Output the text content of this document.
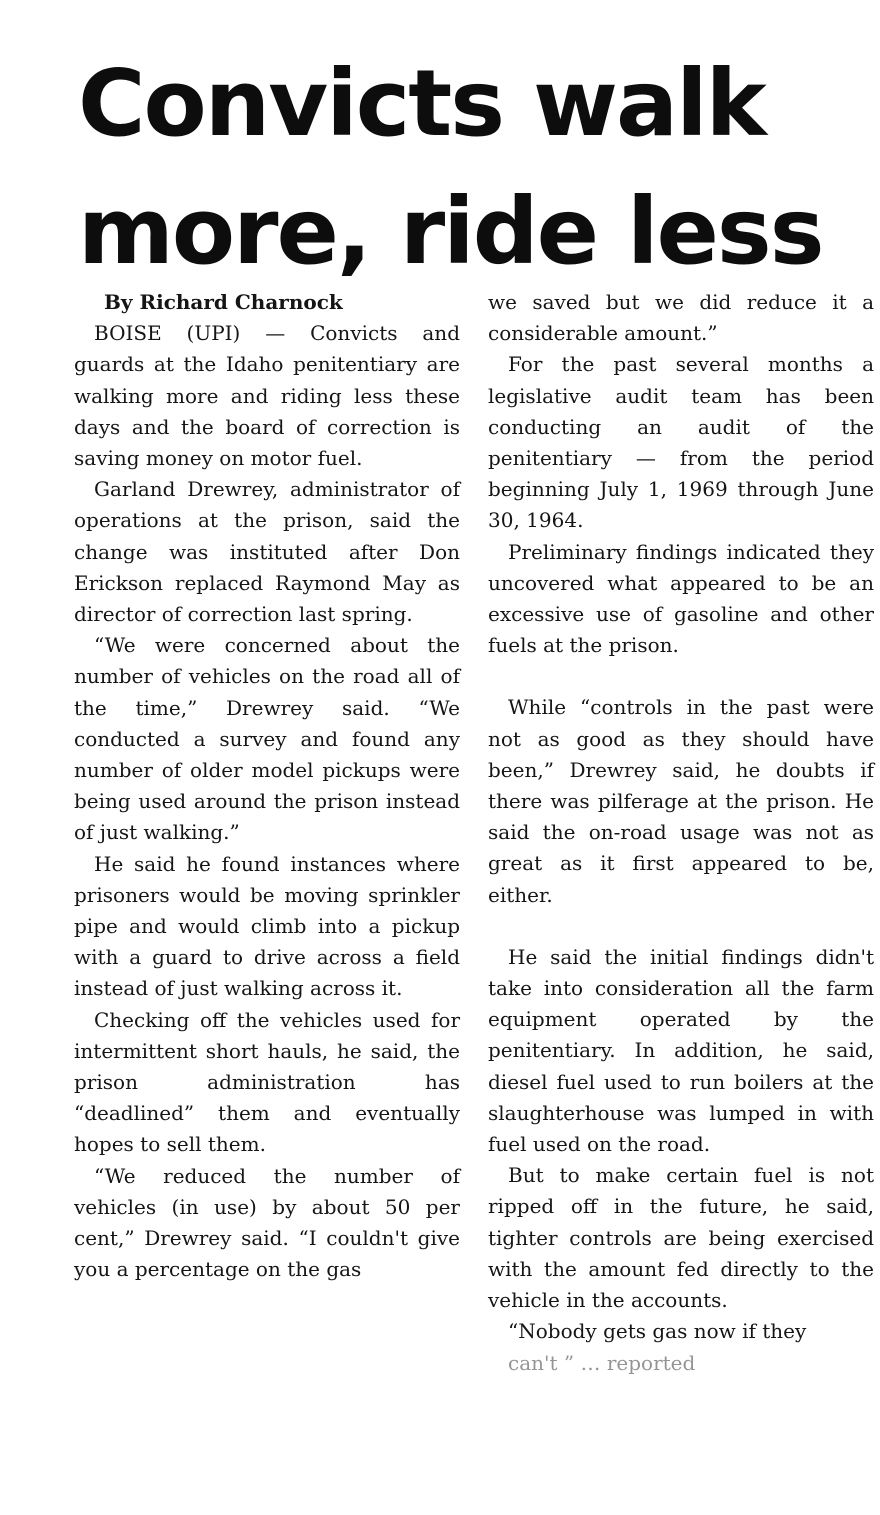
Convicts walk
more, ride less

By Richard Charnock

BOISE (UPI) — Convicts and guards at the Idaho penitentiary are walking more and riding less these days and the board of correction is saving money on motor fuel.

Garland Drewrey, administrator of operations at the prison, said the change was instituted after Don Erickson replaced Raymond May as director of correction last spring.

“We were concerned about the number of vehicles on the road all of the time,” Drewrey said. “We conducted a survey and found any number of older model pickups were being used around the prison instead of just walking.”

He said he found instances where prisoners would be moving sprinkler pipe and would climb into a pickup with a guard to drive across a field instead of just walking across it.

Checking off the vehicles used for intermittent short hauls, he said, the prison administration has “deadlined” them and eventually hopes to sell them.

“We reduced the number of vehicles (in use) by about 50 per cent,” Drewrey said. “I couldn't give you a percentage on the gas

we saved but we did reduce it a considerable amount.”

For the past several months a legislative audit team has been conducting an audit of the penitentiary — from the period beginning July 1, 1969 through June 30, 1964.

Preliminary findings indicated they uncovered what appeared to be an excessive use of gasoline and other fuels at the prison.

While “controls in the past were not as good as they should have been,” Drewrey said, he doubts if there was pilferage at the prison. He said the on-road usage was not as great as it first appeared to be, either.

He said the initial findings didn't take into consideration all the farm equipment operated by the penitentiary. In addition, he said, diesel fuel used to run boilers at the slaughterhouse was lumped in with fuel used on the road.

But to make certain fuel is not ripped off in the future, he said, tighter controls are being exercised with the amount fed directly to the vehicle in the accounts.

“Nobody gets gas now if they

can't ” … reported
